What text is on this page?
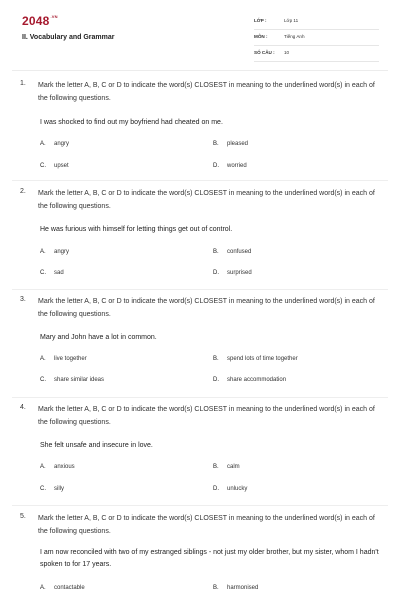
$2048^{.VN}$
II. Vocabulary and Grammar
LỚP :	Lớp 11
MÔN :	Tiếng Anh
SỐ CÂU : 10
1. Mark the letter A, B, C or D to indicate the word(s) CLOSEST in meaning to the underlined word(s) in each of the following questions.
I was shocked to find out my boyfriend had cheated on me.
A. angry	B. pleased
C. upset	D. worried
2. Mark the letter A, B, C or D to indicate the word(s) CLOSEST in meaning to the underlined word(s) in each of the following questions.
He was furious with himself for letting things get out of control.
A. angry	B. confused
C. sad	D. surprised
3. Mark the letter A, B, C or D to indicate the word(s) CLOSEST in meaning to the underlined word(s) in each of the following questions.
Mary and John have a lot in common.
A. live together	B. spend lots of time together
C. share similar ideas	D. share accommodation
4. Mark the letter A, B, C or D to indicate the word(s) CLOSEST in meaning to the underlined word(s) in each of the following questions.
She felt unsafe and insecure in love.
A. anxious	B. calm
C. silly	D. unlucky
5. Mark the letter A, B, C or D to indicate the word(s) CLOSEST in meaning to the underlined word(s) in each of the following questions.
I am now reconciled with two of my estranged siblings - not just my older brother, but my sister, whom I hadn't spoken to for 17 years.
A. contactable	B. harmonised
